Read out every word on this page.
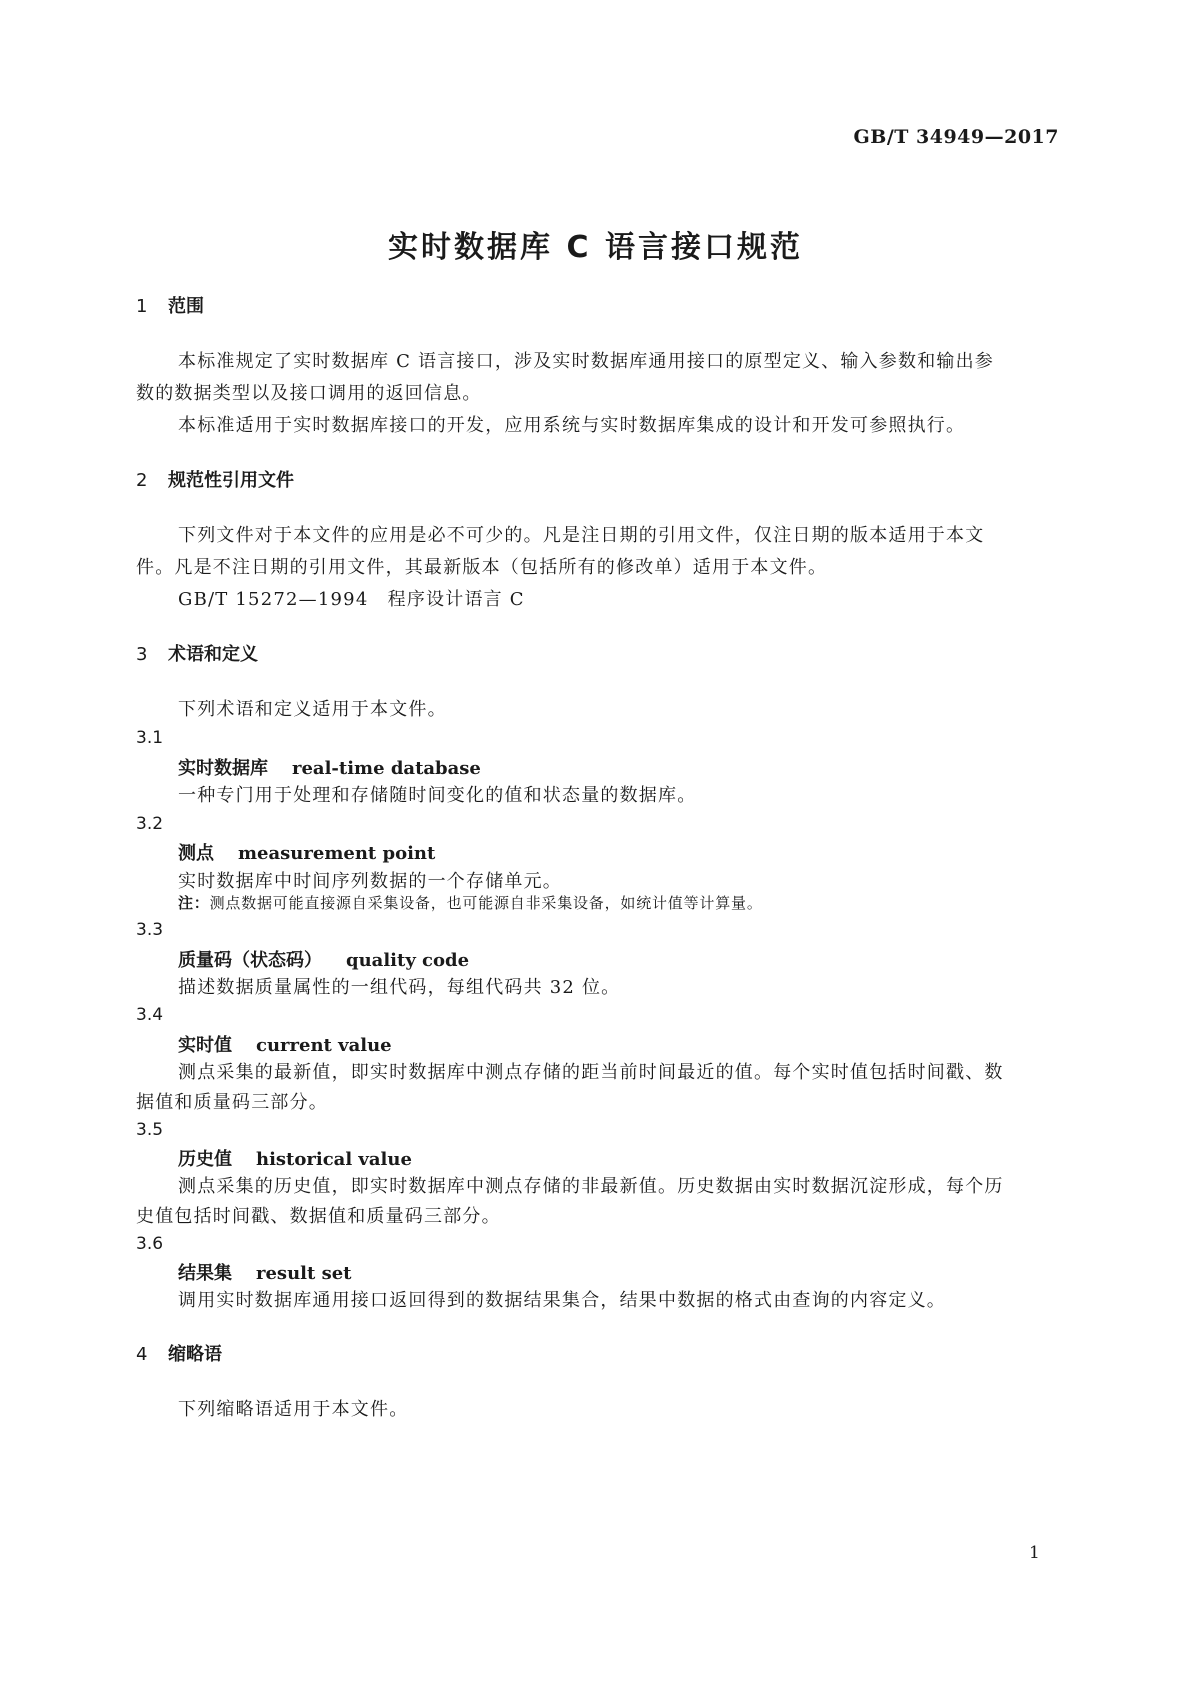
GB/T 34949—2017
实时数据库 C 语言接口规范
1 范围
本标准规定了实时数据库 C 语言接口，涉及实时数据库通用接口的原型定义、输入参数和输出参
数的数据类型以及接口调用的返回信息。
本标准适用于实时数据库接口的开发，应用系统与实时数据库集成的设计和开发可参照执行。
2 规范性引用文件
下列文件对于本文件的应用是必不可少的。凡是注日期的引用文件，仅注日期的版本适用于本文
件。凡是不注日期的引用文件，其最新版本（包括所有的修改单）适用于本文件。
GB/T 15272—1994　程序设计语言 C
3 术语和定义
下列术语和定义适用于本文件。
3.1
实时数据库 real-time database
一种专门用于处理和存储随时间变化的值和状态量的数据库。
3.2
测点 measurement point
实时数据库中时间序列数据的一个存储单元。
注：测点数据可能直接源自采集设备，也可能源自非采集设备，如统计值等计算量。
3.3
质量码（状态码） quality code
描述数据质量属性的一组代码，每组代码共 32 位。
3.4
实时值 current value
测点采集的最新值，即实时数据库中测点存储的距当前时间最近的值。每个实时值包括时间戳、数
据值和质量码三部分。
3.5
历史值 historical value
测点采集的历史值，即实时数据库中测点存储的非最新值。历史数据由实时数据沉淀形成，每个历
史值包括时间戳、数据值和质量码三部分。
3.6
结果集 result set
调用实时数据库通用接口返回得到的数据结果集合，结果中数据的格式由查询的内容定义。
4 缩略语
下列缩略语适用于本文件。
1
